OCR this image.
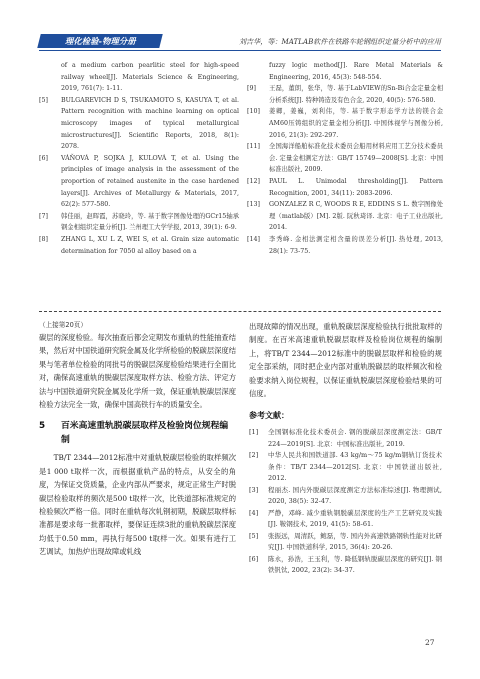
理化检验-物理分册	刘吉华，等：MATLAB软件在铁路车轮钢组织定量分析中的应用
of a medium carbon pearlitic steel for high-speed railway wheel[J]. Materials Science & Engineering, 2019, 761(7): 1-11.
[5]	BULGAREVICH D S, TSUKAMOTO S, KASUYA T, et al. Pattern recognition with machine learning on optical microscopy images of typical metallurgical microstructures[J]. Scientific Reports, 2018, 8(1): 2078.
[6]	VÁŇOVÁ P, SOJKA J, KULOVÁ T, et al. Using the principles of image analysis in the assessment of the proportion of retained austenite in the case hardened layers[J]. Archives of Metallurgy & Materials, 2017, 62(2): 577-580.
[7]	韩佳丽，赵晖霞，苏晓玲，等. 基于数字图像处理的GCr15轴承钢金相组织定量分析[J]. 兰州理工大学学报, 2013, 39(1): 6-9.
[8]	ZHANG L, XU L Z, WEI S, et al. Grain size automatic determination for 7050 al alloy based on a
fuzzy logic method[J]. Rare Metal Materials & Engineering, 2016, 45(3): 548-554.
[9]	王磊，董朗，张华，等. 基于LabVIEW的Sn-Bi合金定量金相分析系统[J]. 特种铸造及有色合金, 2020, 40(5): 576-580.
[10]	姜卿，姜巍，刘利伟，等. 基于数字形态学方法的镁合金AM60压铸组织的定量金相分析[J]. 中国体视学与图像分析, 2016, 21(3): 292-297.
[11]	全国海洋船舶标准化技术委员会船用材料应用工艺分技术委员会. 定量金相测定方法：GB/T 15749—2008[S]. 北京：中国标准出版社, 2009.
[12]	PAUL L. Unimodal thresholding[J]. Pattern Recognition, 2001, 34(11): 2083-2096.
[13]	GONZALEZ R C, WOODS R E, EDDINS S L. 数字图像处理（matlab版）[M]. 2版. 阮秋琦译. 北京：电子工业出版社, 2014.
[14]	李秀峰. 金相法测定相含量的误差分析[J]. 热处理, 2013, 28(1): 73-75.
（上接第20页）

碳层的深度检验。每次抽查后都会定期发布重轨的性能抽查结果，然后对中国铁道研究院金属及化学所检验的脱碳层深度结果与笔者单位检验的同批号的脱碳层深度检验结果进行全面比对，确保高速重轨的脱碳层深度取样方法、检验方法、评定方法与中国铁道研究院金属及化学所一致，保证重轨脱碳层深度检验方法完全一致，确保中国高铁行车的质量安全。

5	百米高速重轨脱碳层取样及检验岗位规程编制

TB/T 2344—2012标准中对重轨脱碳层检验的取样频次是1 000 t取样一次，而根据重轨产品的特点，从安全的角度，为保证交货质量，企业内部从严要求，规定正常生产时脱碳层检验取样的频次是500 t取样一次，比铁道部标准规定的检验频次严格一倍。同时在重轨每次轧钢初期，脱碳层取样标准都是要求每一批都取样，要保证连续3批的重轨脱碳层深度均低于0.50 mm，再执行每500 t取样一次。如果有进行工艺调试，加热炉出现故障或轧线

出现故障的情况出现，重轨脱碳层深度检验执行批批取样的制度。在百米高速重轨脱碳层取样及检验岗位规程的编制上，将TB/T 2344—2012标准中的脱碳层取样和检验的规定全部采纳，同时把企业内部对重轨脱碳层的取样频次和检验要求纳入岗位规程，以保证重轨脱碳层深度检验结果的可信度。

参考文献：
[1]	全国钢标准化技术委员会. 钢的脱碳层深度测定法：GB/T 224—2019[S]. 北京：中国标准出版社, 2019.
[2]	中华人民共和国铁道部. 43 kg/m～75 kg/m钢轨订货技术条件：TB/T 2344—2012[S]. 北京：中国铁道出版社, 2012.
[3]	程丽杰. 国内外脱碳层深度测定方法标准综述[J]. 物理测试, 2020, 38(5): 32-47.
[4]	严静，邓峰. 减少重轨钢脱碳层深度的生产工艺研究及实践[J]. 鞍钢技术, 2019, 41(5): 58-61.
[5]	张振远，周清跃，鲍磊，等. 国内外高速铁路钢轨性能对比研究[J]. 中国铁道科学, 2015, 36(4): 20-26.
[6]	陈永，孙浩，王玉利，等. 降低钢轨脱碳层深度的研究[J]. 钢铁钒钛, 2002, 23(2): 34-37.
27
